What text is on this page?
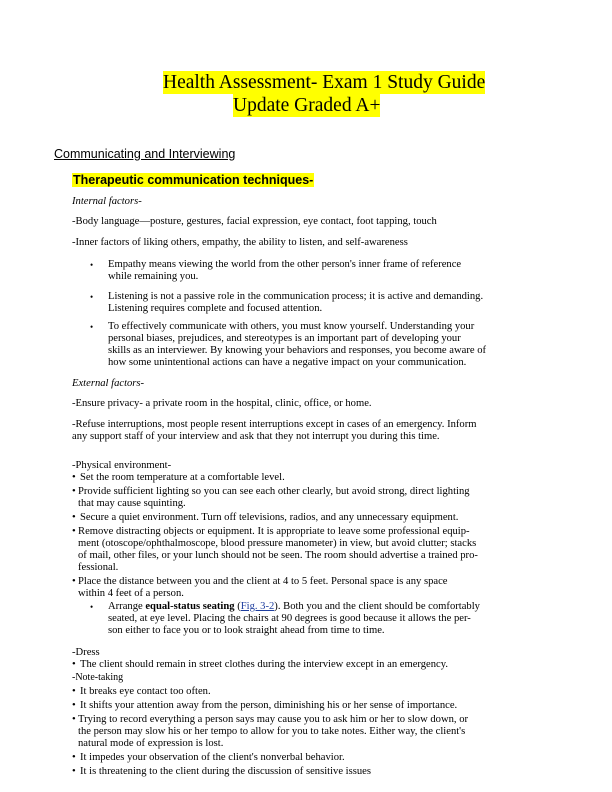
Health Assessment- Exam 1 Study Guide
Update Graded A+
Communicating and Interviewing
Therapeutic communication techniques-
Internal factors-
-Body language—posture, gestures, facial expression, eye contact, foot tapping, touch
-Inner factors of liking others, empathy, the ability to listen, and self-awareness
• Empathy means viewing the world from the other person's inner frame of reference
while remaining you.
• Listening is not a passive role in the communication process; it is active and demanding.
Listening requires complete and focused attention.
• To effectively communicate with others, you must know yourself. Understanding your
personal biases, prejudices, and stereotypes is an important part of developing your
skills as an interviewer. By knowing your behaviors and responses, you become aware of
how some unintentional actions can have a negative impact on your communication.
External factors-
-Ensure privacy- a private room in the hospital, clinic, office, or home.
-Refuse interruptions, most people resent interruptions except in cases of an emergency. Inform
any support staff of your interview and ask that they not interrupt you during this time.
-Physical environment-
• Set the room temperature at a comfortable level.
• Provide sufficient lighting so you can see each other clearly, but avoid strong, direct lighting
that may cause squinting.
• Secure a quiet environment. Turn off televisions, radios, and any unnecessary equipment.
• Remove distracting objects or equipment. It is appropriate to leave some professional equip-
ment (otoscope/ophthalmoscope, blood pressure manometer) in view, but avoid clutter; stacks
of mail, other files, or your lunch should not be seen. The room should advertise a trained pro-
fessional.
• Place the distance between you and the client at 4 to 5 feet. Personal space is any space
within 4 feet of a person.
• Arrange equal-status seating (Fig. 3-2). Both you and the client should be comfortably
seated, at eye level. Placing the chairs at 90 degrees is good because it allows the per-
son either to face you or to look straight ahead from time to time.
-Dress
• The client should remain in street clothes during the interview except in an emergency.
-Note-taking
• It breaks eye contact too often.
• It shifts your attention away from the person, diminishing his or her sense of importance.
• Trying to record everything a person says may cause you to ask him or her to slow down, or
the person may slow his or her tempo to allow for you to take notes. Either way, the client's
natural mode of expression is lost.
• It impedes your observation of the client's nonverbal behavior.
• It is threatening to the client during the discussion of sensitive issues
